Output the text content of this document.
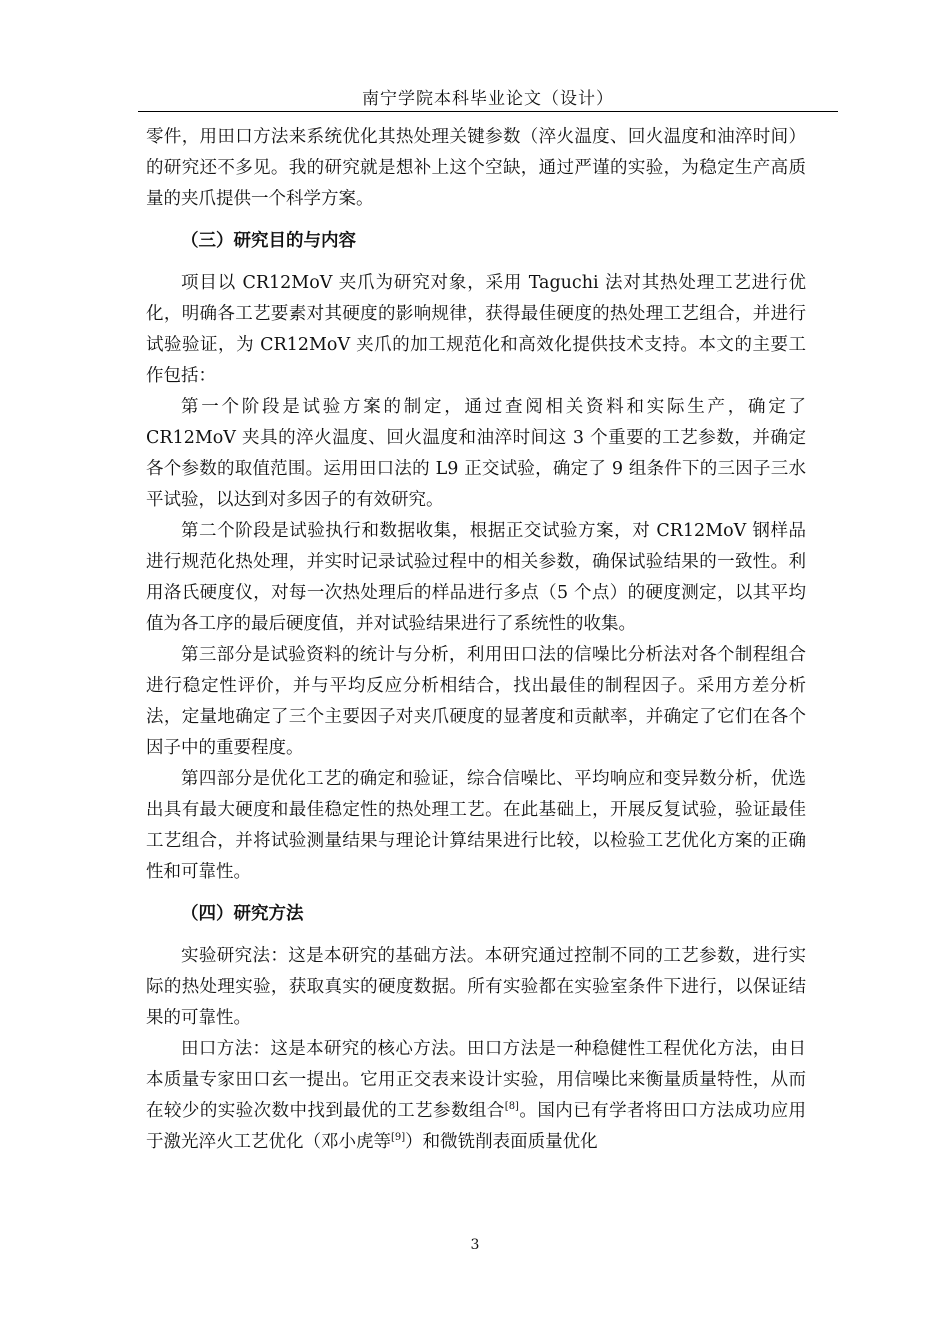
南宁学院本科毕业论文（设计）

零件，用田口方法来系统优化其热处理关键参数（淬火温度、回火温度和油淬时间）的研究还不多见。我的研究就是想补上这个空缺，通过严谨的实验，为稳定生产高质量的夹爪提供一个科学方案。

（三）研究目的与内容

项目以 CR12MoV 夹爪为研究对象，采用 Taguchi 法对其热处理工艺进行优化，明确各工艺要素对其硬度的影响规律，获得最佳硬度的热处理工艺组合，并进行试验验证，为 CR12MoV 夹爪的加工规范化和高效化提供技术支持。本文的主要工作包括：

第一个阶段是试验方案的制定，通过查阅相关资料和实际生产，确定了 CR12MoV 夹具的淬火温度、回火温度和油淬时间这 3 个重要的工艺参数，并确定各个参数的取值范围。运用田口法的 L9 正交试验，确定了 9 组条件下的三因子三水平试验，以达到对多因子的有效研究。

第二个阶段是试验执行和数据收集，根据正交试验方案，对 CR12MoV 钢样品进行规范化热处理，并实时记录试验过程中的相关参数，确保试验结果的一致性。利用洛氏硬度仪，对每一次热处理后的样品进行多点（5 个点）的硬度测定，以其平均值为各工序的最后硬度值，并对试验结果进行了系统性的收集。

第三部分是试验资料的统计与分析，利用田口法的信噪比分析法对各个制程组合进行稳定性评价，并与平均反应分析相结合，找出最佳的制程因子。采用方差分析法，定量地确定了三个主要因子对夹爪硬度的显著度和贡献率，并确定了它们在各个因子中的重要程度。

第四部分是优化工艺的确定和验证，综合信噪比、平均响应和变异数分析，优选出具有最大硬度和最佳稳定性的热处理工艺。在此基础上，开展反复试验，验证最佳工艺组合，并将试验测量结果与理论计算结果进行比较，以检验工艺优化方案的正确性和可靠性。

（四）研究方法

实验研究法：这是本研究的基础方法。本研究通过控制不同的工艺参数，进行实际的热处理实验，获取真实的硬度数据。所有实验都在实验室条件下进行，以保证结果的可靠性。

田口方法：这是本研究的核心方法。田口方法是一种稳健性工程优化方法，由日本质量专家田口玄一提出。它用正交表来设计实验，用信噪比来衡量质量特性，从而在较少的实验次数中找到最优的工艺参数组合[8]。国内已有学者将田口方法成功应用于激光淬火工艺优化（邓小虎等[9]）和微铣削表面质量优化

3
